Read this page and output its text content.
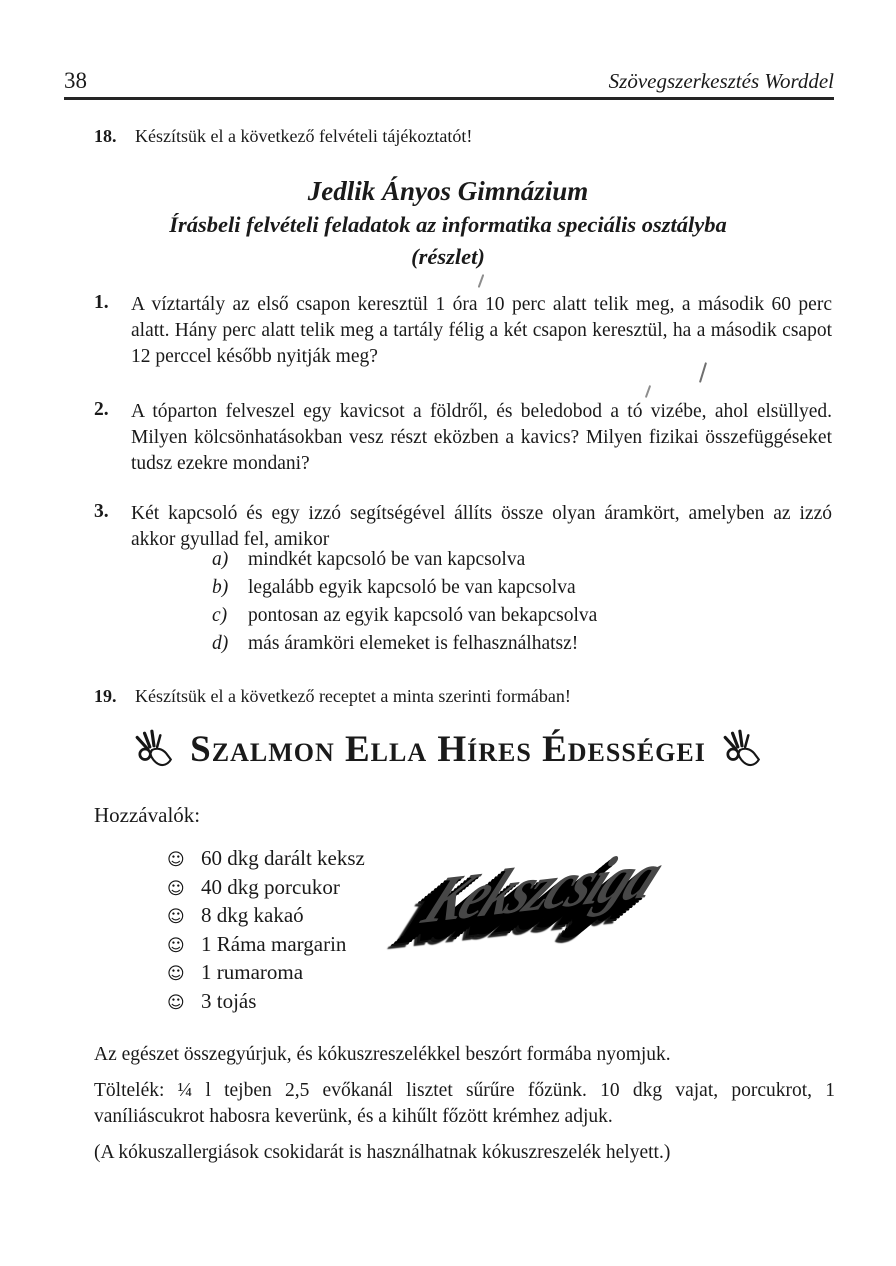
38	Szövegszerkesztés Worddel
18.	Készítsük el a következő felvételi tájékoztatót!
Jedlik Ányos Gimnázium
Írásbeli felvételi feladatok az informatika speciális osztályba
(részlet)
1. A víztartály az első csapon keresztül 1 óra 10 perc alatt telik meg, a második 60 perc alatt. Hány perc alatt telik meg a tartály félig a két csapon keresztül, ha a második csapot 12 perccel később nyitják meg?
2. A tóparton felveszel egy kavicsot a földről, és beledobod a tó vizébe, ahol elsüllyed. Milyen kölcsönhatásokban vesz részt eközben a kavics? Milyen fizikai összefüggéseket tudsz ezekre mondani?
3. Két kapcsoló és egy izzó segítségével állíts össze olyan áramkört, amelyben az izzó akkor gyullad fel, amikor
a)	mindkét kapcsoló be van kapcsolva
b)	legalább egyik kapcsoló be van kapcsolva
c)	pontosan az egyik kapcsoló van bekapcsolva
d)	más áramköri elemeket is felhasználhatsz!
19.	Készítsük el a következő receptet a minta szerinti formában!
Szalmon Ella Híres Édességei
Hozzávalók:
☺ 60 dkg darált keksz
☺ 40 dkg porcukor
☺ 8 dkg kakaó
☺ 1 Ráma margarin
☺ 1 rumaroma
☺ 3 tojás
Kekszcsiga
Az egészet összegyúrjuk, és kókuszreszelékkel beszórt formába nyomjuk.
Töltelék: ¼ l tejben 2,5 evőkanál lisztet sűrűre főzünk. 10 dkg vajat, porcukrot, 1 vaníliáscukrot habosra keverünk, és a kihűlt főzött krémhez adjuk.
(A kókuszallergiások csokidarát is használhatnak kókuszreszelék helyett.)
